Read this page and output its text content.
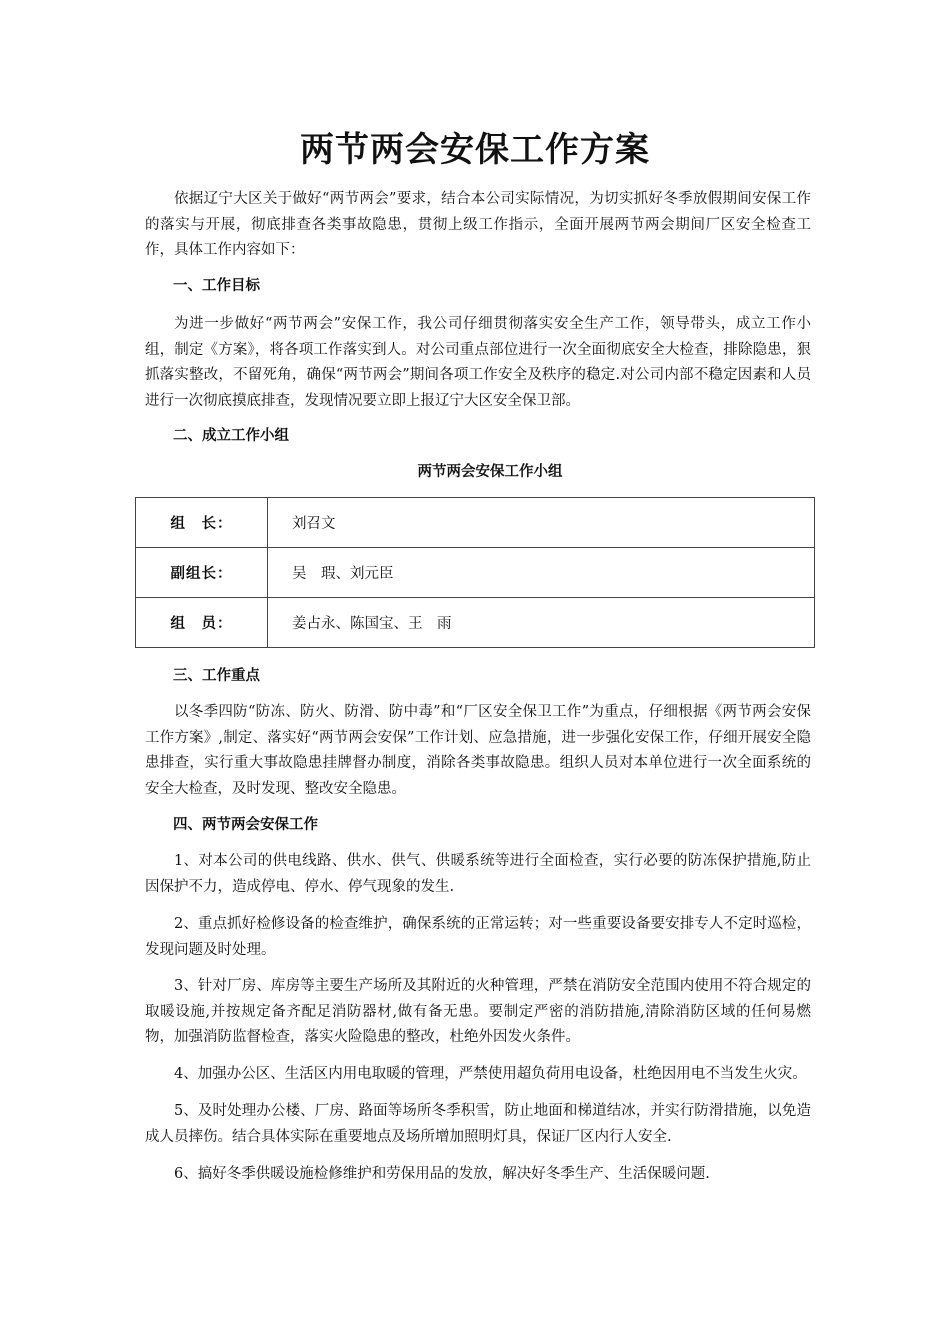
两节两会安保工作方案

依据辽宁大区关于做好“两节两会”要求，结合本公司实际情况，为切实抓好冬季放假期间安保工作的落实与开展，彻底排查各类事故隐患，贯彻上级工作指示，全面开展两节两会期间厂区安全检查工作，具体工作内容如下：

一、工作目标

为进一步做好“两节两会”安保工作，我公司仔细贯彻落实安全生产工作，领导带头，成立工作小组，制定《方案》，将各项工作落实到人。对公司重点部位进行一次全面彻底安全大检查，排除隐患，狠抓落实整改，不留死角，确保“两节两会”期间各项工作安全及秩序的稳定.对公司内部不稳定因素和人员进行一次彻底摸底排查，发现情况要立即上报辽宁大区安全保卫部。

二、成立工作小组

两节两会安保工作小组
组　长：	刘召文
副组长：	吴　瑕、刘元臣
组　员：	姜占永、陈国宝、王　雨

三、工作重点

以冬季四防“防冻、防火、防滑、防中毒”和“厂区安全保卫工作”为重点，仔细根据《两节两会安保工作方案》,制定、落实好“两节两会安保”工作计划、应急措施，进一步强化安保工作，仔细开展安全隐患排查，实行重大事故隐患挂牌督办制度，消除各类事故隐患。组织人员对本单位进行一次全面系统的安全大检查，及时发现、整改安全隐患。

四、两节两会安保工作

1、对本公司的供电线路、供水、供气、供暖系统等进行全面检查，实行必要的防冻保护措施,防止因保护不力，造成停电、停水、停气现象的发生.

2、重点抓好检修设备的检查维护，确保系统的正常运转；对一些重要设备要安排专人不定时巡检，发现问题及时处理。

3、针对厂房、库房等主要生产场所及其附近的火种管理，严禁在消防安全范围内使用不符合规定的取暖设施,并按规定备齐配足消防器材,做有备无患。要制定严密的消防措施,清除消防区域的任何易燃物，加强消防监督检查，落实火险隐患的整改，杜绝外因发火条件。

4、加强办公区、生活区内用电取暖的管理，严禁使用超负荷用电设备，杜绝因用电不当发生火灾。

5、及时处理办公楼、厂房、路面等场所冬季积雪，防止地面和梯道结冰，并实行防滑措施，以免造成人员摔伤。结合具体实际在重要地点及场所增加照明灯具，保证厂区内行人安全.

6、搞好冬季供暖设施检修维护和劳保用品的发放，解决好冬季生产、生活保暖问题.
